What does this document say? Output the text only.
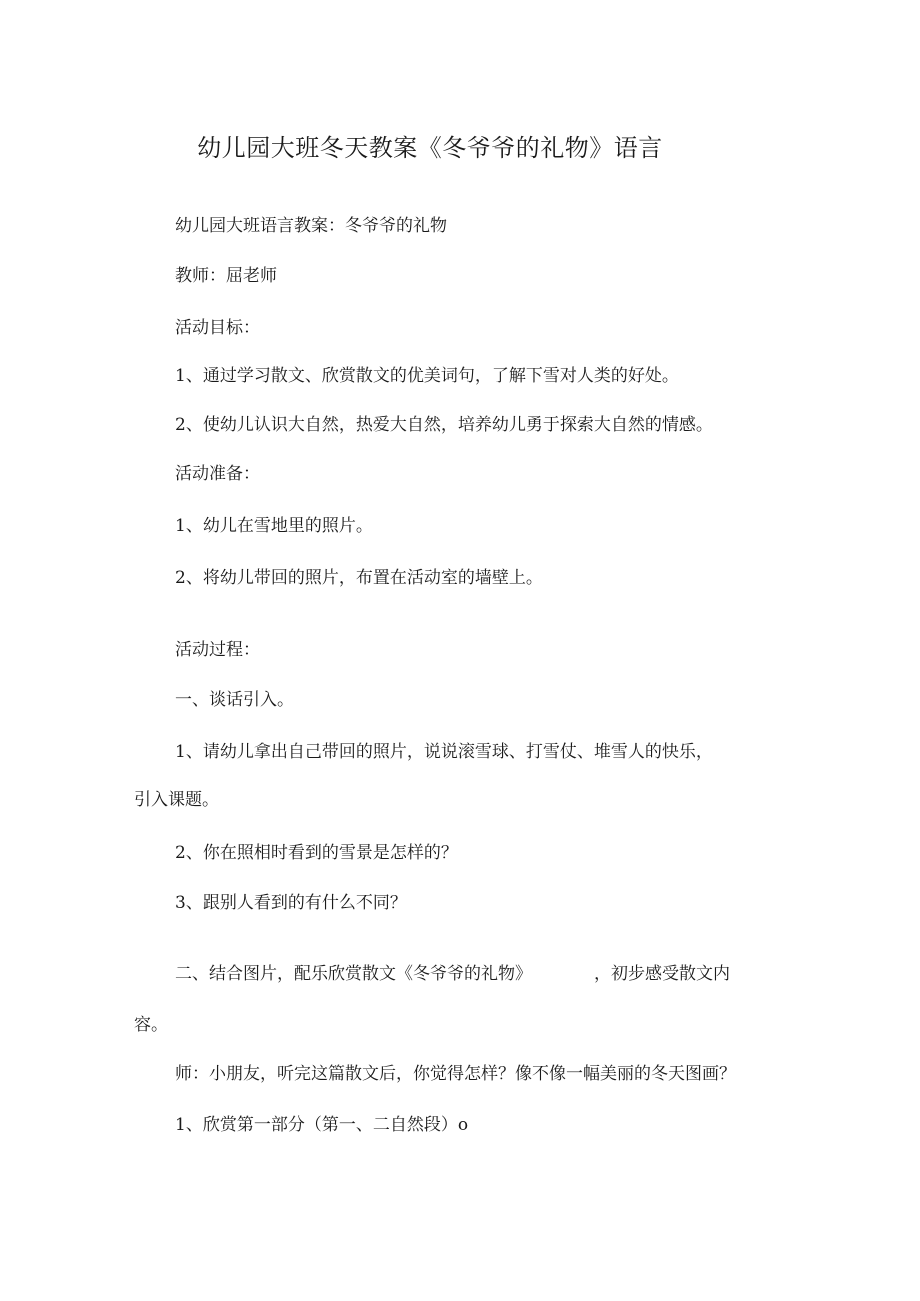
幼儿园大班冬天教案《冬爷爷的礼物》语言
幼儿园大班语言教案：冬爷爷的礼物
教师：屈老师
活动目标：
1、通过学习散文、欣赏散文的优美词句，了解下雪对人类的好处。
2、使幼儿认识大自然，热爱大自然，培养幼儿勇于探索大自然的情感。
活动准备：
1、幼儿在雪地里的照片。
2、将幼儿带回的照片，布置在活动室的墙壁上。
活动过程：
一、谈话引入。
1、请幼儿拿出自己带回的照片，说说滚雪球、打雪仗、堆雪人的快乐，
引入课题。
2、你在照相时看到的雪景是怎样的？
3、跟别人看到的有什么不同？
二、结合图片，配乐欣赏散文《冬爷爷的礼物》	，初步感受散文内
容。
师：小朋友，听完这篇散文后，你觉得怎样？像不像一幅美丽的冬天图画？
1、欣赏第一部分（第一、二自然段）o
